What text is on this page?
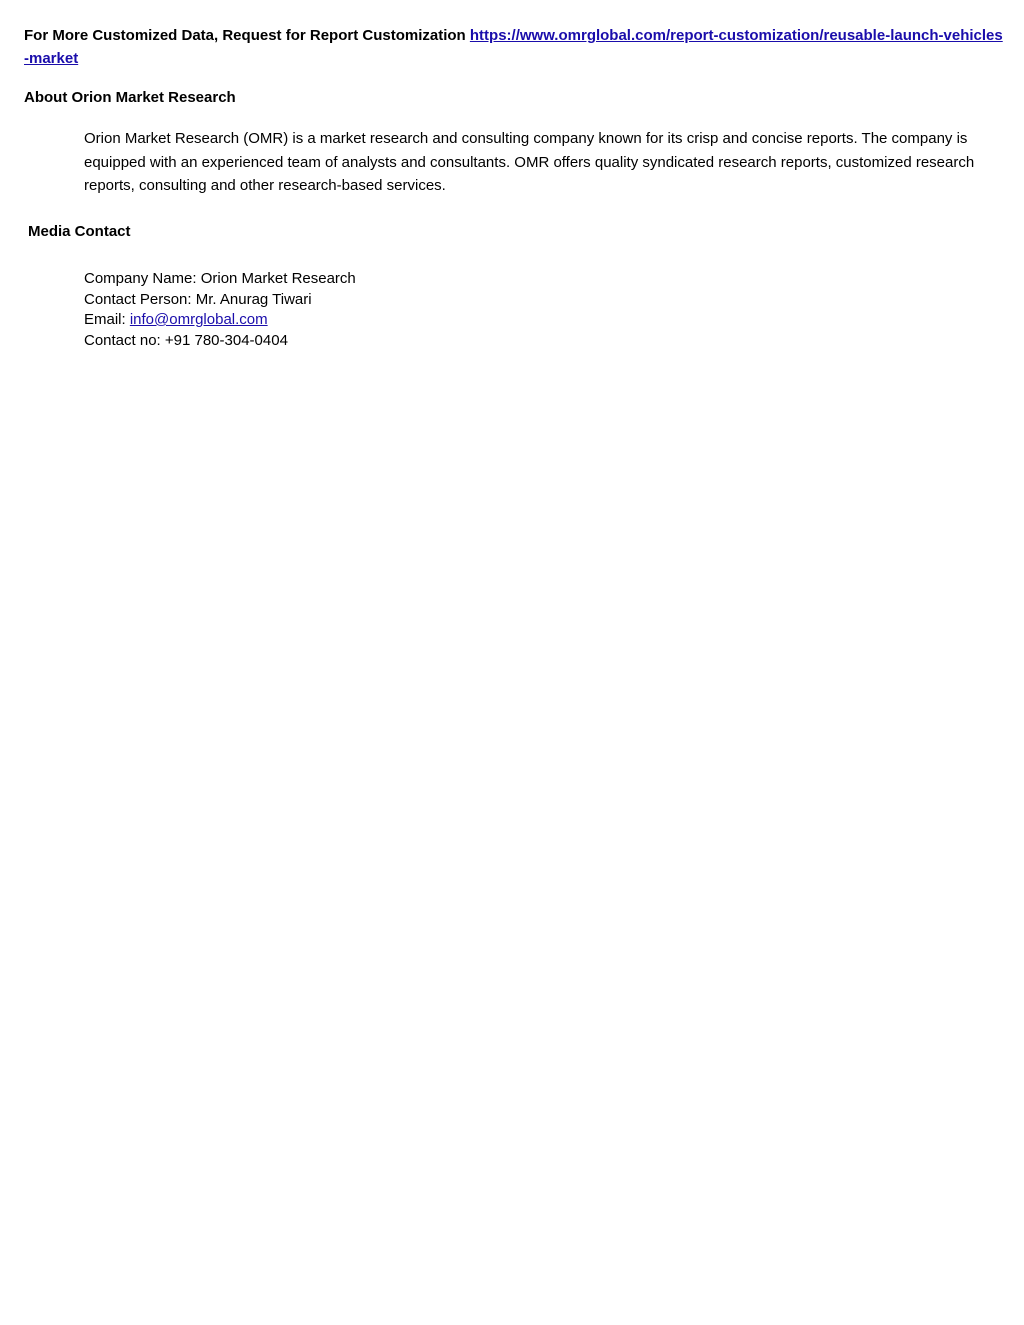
For More Customized Data, Request for Report Customization https://www.omrglobal.com/report-customization/reusable-launch-vehicles-market
About Orion Market Research
Orion Market Research (OMR) is a market research and consulting company known for its crisp and concise reports. The company is equipped with an experienced team of analysts and consultants. OMR offers quality syndicated research reports, customized research reports, consulting and other research-based services.
Media Contact
Company Name: Orion Market Research
Contact Person: Mr. Anurag Tiwari
Email: info@omrglobal.com
Contact no: +91 780-304-0404
